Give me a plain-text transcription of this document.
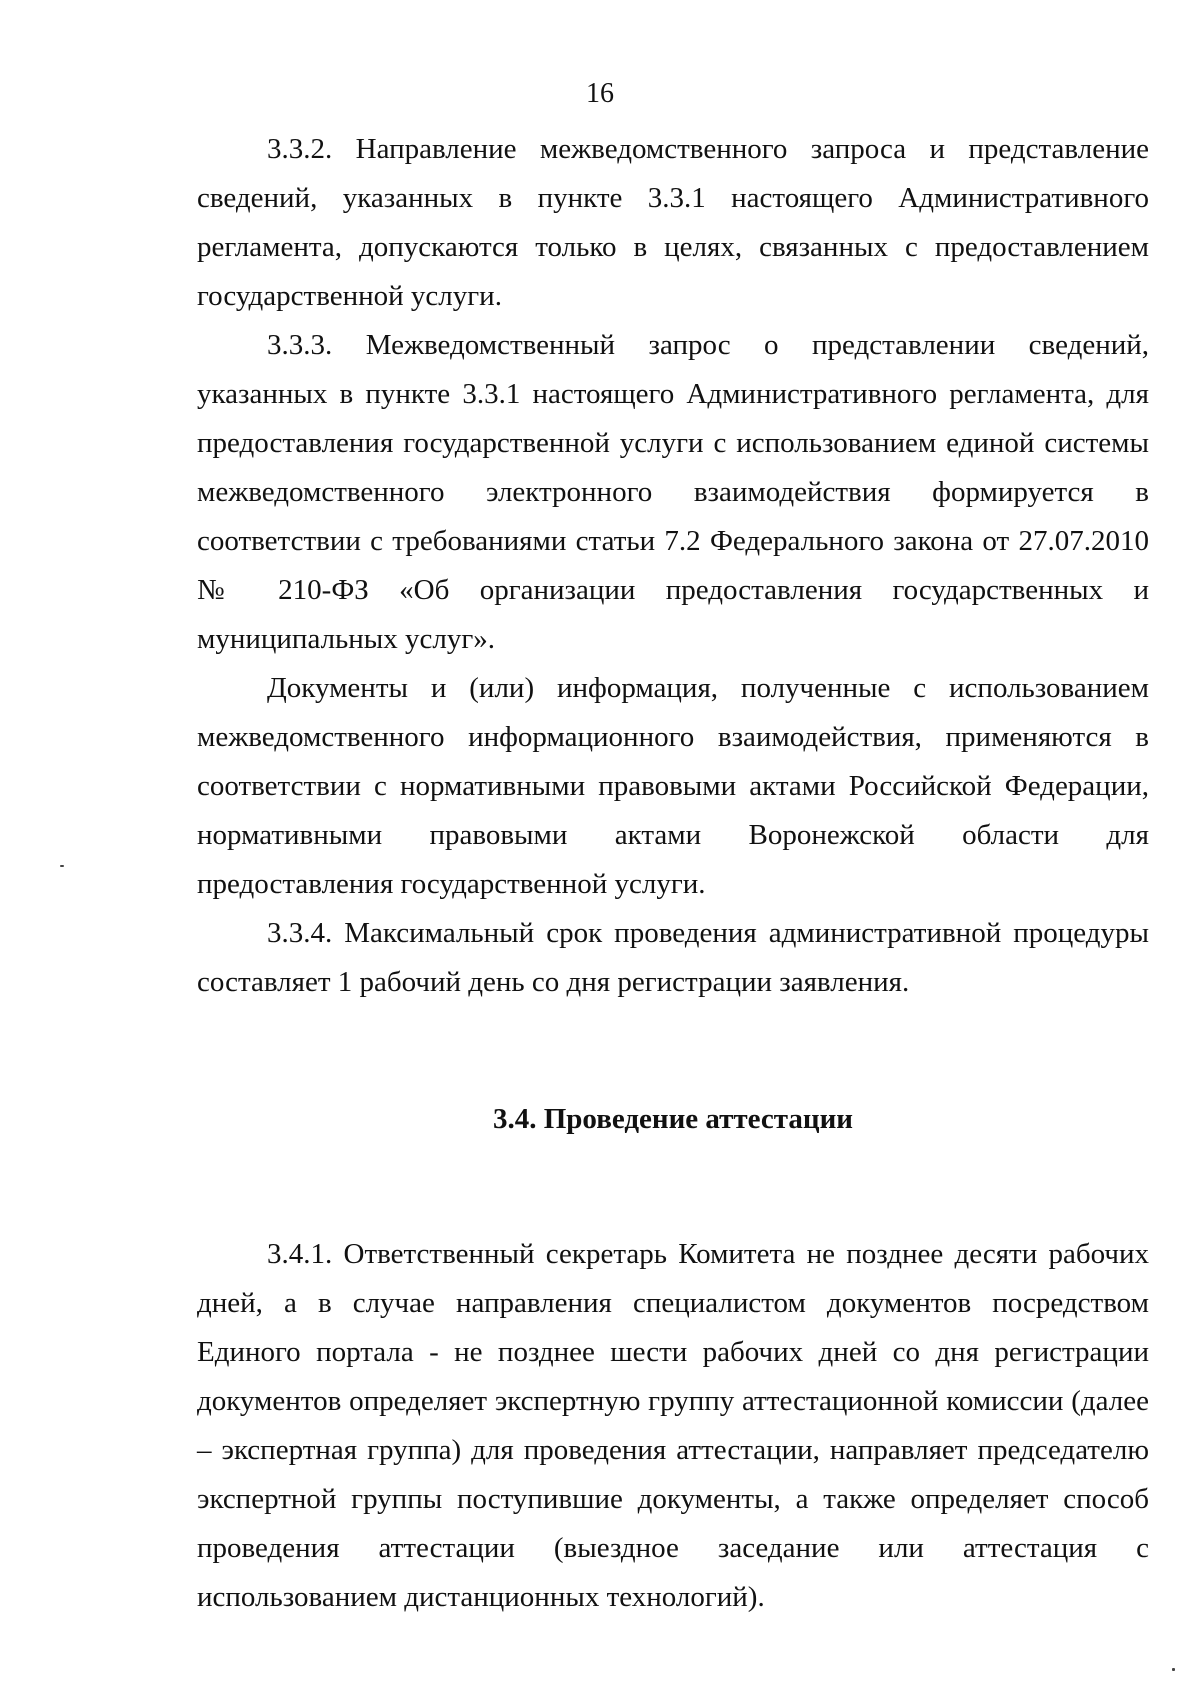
16

3.3.2. Направление межведомственного запроса и представление сведений, указанных в пункте 3.3.1 настоящего Административного регламента, допускаются только в целях, связанных с предоставлением государственной услуги.

3.3.3. Межведомственный запрос о представлении сведений, указанных в пункте 3.3.1 настоящего Административного регламента, для предоставления государственной услуги с использованием единой системы межведомственного электронного взаимодействия формируется в соответствии с требованиями статьи 7.2 Федерального закона от 27.07.2010 № 210-ФЗ «Об организации предоставления государственных и муниципальных услуг».

Документы и (или) информация, полученные с использованием межведомственного информационного взаимодействия, применяются в соответствии с нормативными правовыми актами Российской Федерации, нормативными правовыми актами Воронежской области для предоставления государственной услуги.

3.3.4. Максимальный срок проведения административной процедуры составляет 1 рабочий день со дня регистрации заявления.

3.4. Проведение аттестации

3.4.1. Ответственный секретарь Комитета не позднее десяти рабочих дней, а в случае направления специалистом документов посредством Единого портала - не позднее шести рабочих дней со дня регистрации документов определяет экспертную группу аттестационной комиссии (далее – экспертная группа) для проведения аттестации, направляет председателю экспертной группы поступившие документы, а также определяет способ проведения аттестации (выездное заседание или аттестация с использованием дистанционных технологий).
